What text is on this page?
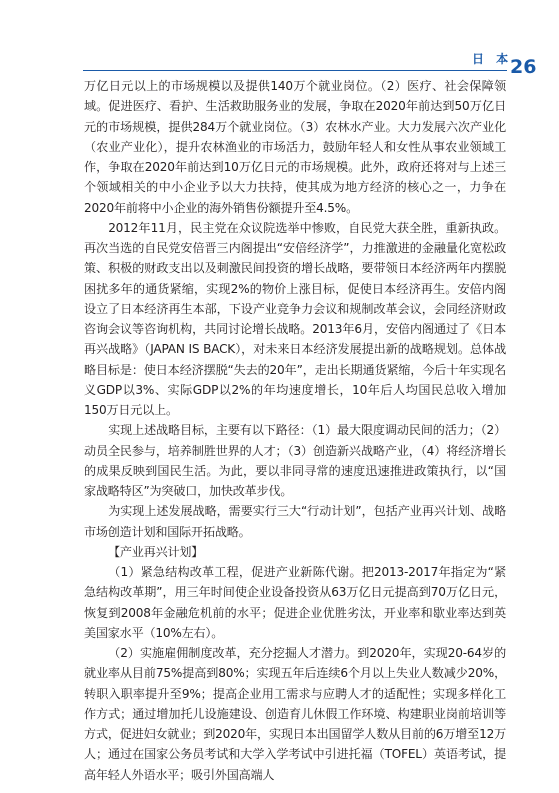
日 本
26

万亿日元以上的市场规模以及提供140万个就业岗位。（2）医疗、社会保障领域。促进医疗、看护、生活救助服务业的发展，争取在2020年前达到50万亿日元的市场规模，提供284万个就业岗位。（3）农林水产业。大力发展六次产业化（农业产业化），提升农林渔业的市场活力，鼓励年轻人和女性从事农业领域工作，争取在2020年前达到10万亿日元的市场规模。此外，政府还将对与上述三个领域相关的中小企业予以大力扶持，使其成为地方经济的核心之一，力争在2020年前将中小企业的海外销售份额提升至4.5%。

2012年11月，民主党在众议院选举中惨败，自民党大获全胜，重新执政。再次当选的自民党安倍晋三内阁提出“安倍经济学”，力推激进的金融量化宽松政策、积极的财政支出以及刺激民间投资的增长战略，要带领日本经济两年内摆脱困扰多年的通货紧缩，实现2%的物价上涨目标，促使日本经济再生。安倍内阁设立了日本经济再生本部，下设产业竞争力会议和规制改革会议，会同经济财政咨询会议等咨询机构，共同讨论增长战略。2013年6月，安倍内阁通过了《日本再兴战略》（JAPAN IS BACK），对未来日本经济发展提出新的战略规划。总体战略目标是：使日本经济摆脱“失去的20年”，走出长期通货紧缩，今后十年实现名义GDP以3%、实际GDP以2%的年均速度增长，10年后人均国民总收入增加150万日元以上。

实现上述战略目标，主要有以下路径：（1）最大限度调动民间的活力；（2）动员全民参与，培养制胜世界的人才；（3）创造新兴战略产业，（4）将经济增长的成果反映到国民生活。为此，要以非同寻常的速度迅速推进政策执行，以“国家战略特区”为突破口，加快改革步伐。

为实现上述发展战略，需要实行三大“行动计划”，包括产业再兴计划、战略市场创造计划和国际开拓战略。

【产业再兴计划】

（1）紧急结构改革工程，促进产业新陈代谢。把2013-2017年指定为“紧急结构改革期”，用三年时间使企业设备投资从63万亿日元提高到70万亿日元，恢复到2008年金融危机前的水平；促进企业优胜劣汰，开业率和歇业率达到英美国家水平（10%左右）。

（2）实施雇佣制度改革，充分挖掘人才潜力。到2020年，实现20-64岁的就业率从目前75%提高到80%；实现五年后连续6个月以上失业人数减少20%，转职入职率提升至9%；提高企业用工需求与应聘人才的适配性；实现多样化工作方式；通过增加托儿设施建设、创造育儿休假工作环境、构建职业岗前培训等方式，促进妇女就业；到2020年，实现日本出国留学人数从目前的6万增至12万人；通过在国家公务员考试和大学入学考试中引进托福（TOFEL）英语考试，提高年轻人外语水平；吸引外国高端人
